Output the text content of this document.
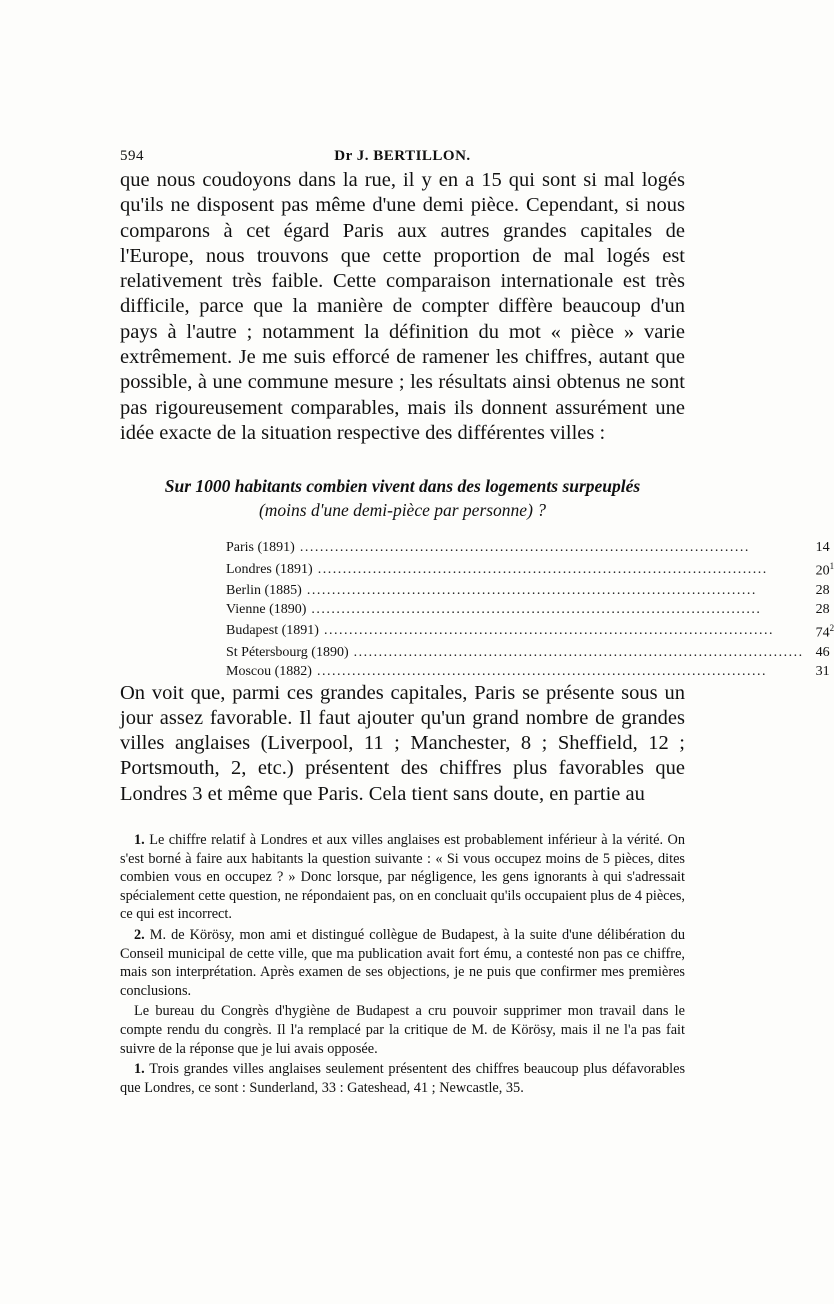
594	Dr J. BERTILLON.

que nous coudoyons dans la rue, il y en a 15 qui sont si mal logés qu'ils ne disposent pas même d'une demi pièce. Cependant, si nous comparons à cet égard Paris aux autres grandes capitales de l'Europe, nous trouvons que cette proportion de mal logés est relativement très faible. Cette comparaison internationale est très difficile, parce que la manière de compter diffère beaucoup d'un pays à l'autre ; notamment la définition du mot « pièce » varie extrêmement. Je me suis efforcé de ramener les chiffres, autant que possible, à une commune mesure ; les résultats ainsi obtenus ne sont pas rigoureusement comparables, mais ils donnent assurément une idée exacte de la situation respective des différentes villes :

Sur 1000 habitants combien vivent dans des logements surpeuplés
(moins d'une demi-pièce par personne) ?
Paris (1891) .....	14

Londres (1891) .....	$20^1$

Berlin (1885) .....	28

Vienne (1890) .....	28

Budapest (1891) .....	$74^2$

St Pétersbourg (1890) .....	46

Moscou (1882) .....	31

On voit que, parmi ces grandes capitales, Paris se présente sous un jour assez favorable. Il faut ajouter qu'un grand nombre de grandes villes anglaises (Liverpool, 11 ; Manchester, 8 ; Sheffield, 12 ; Portsmouth, 2, etc.) présentent des chiffres plus favorables que Londres 3 et même que Paris. Cela tient sans doute, en partie au

1. Le chiffre relatif à Londres et aux villes anglaises est probablement inférieur à la vérité. On s'est borné à faire aux habitants la question suivante : « Si vous occupez moins de 5 pièces, dites combien vous en occupez ? » Donc lorsque, par négligence, les gens ignorants à qui s'adressait spécialement cette question, ne répondaient pas, on en concluait qu'ils occupaient plus de 4 pièces, ce qui est incorrect.

2. M. de Körösy, mon ami et distingué collègue de Budapest, à la suite d'une délibération du Conseil municipal de cette ville, que ma publication avait fort ému, a contesté non pas ce chiffre, mais son interprétation. Après examen de ses objections, je ne puis que confirmer mes premières conclusions.

Le bureau du Congrès d'hygiène de Budapest a cru pouvoir supprimer mon travail dans le compte rendu du congrès. Il l'a remplacé par la critique de M. de Körösy, mais il ne l'a pas fait suivre de la réponse que je lui avais opposée.

1. Trois grandes villes anglaises seulement présentent des chiffres beaucoup plus défavorables que Londres, ce sont : Sunderland, 33 : Gateshead, 41 ; Newcastle, 35.
